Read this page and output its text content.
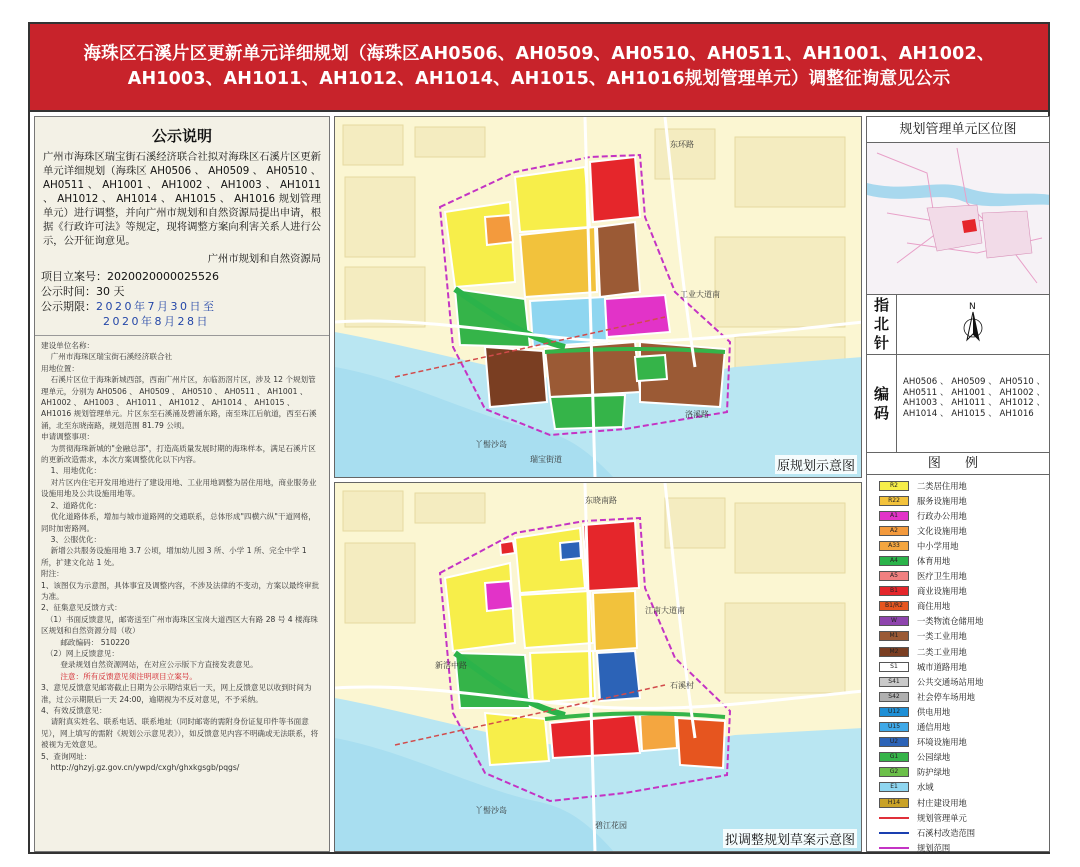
海珠区石溪片区更新单元详细规划（海珠区AH0506、AH0509、AH0510、AH0511、AH1001、AH1002、
AH1003、AH1011、AH1012、AH1014、AH1015、AH1016规划管理单元）调整征询意见公示
公示说明
广州市海珠区瑞宝街石溪经济联合社拟对海珠区石溪片区更新单元详细规划（海珠区 AH0506 、 AH0509 、 AH0510 、 AH0511 、 AH1001 、 AH1002 、 AH1003 、 AH1011 、 AH1012 、 AH1014 、 AH1015 、 AH1016 规划管理单元）进行调整，并向广州市规划和自然资源局提出申请，根据《行政许可法》等规定，现将调整方案向利害关系人进行公示，公开征询意见。
广州市规划和自然资源局
项目立案号： 2020020000025526
公示时间： 30 天
公示期限： 2020年7月30日至
2020年8月28日
建设单位名称：
广州市海珠区瑞宝街石溪经济联合社
用地位置：
石溪片区位于海珠新城西部，西南广州片区，东临沥滘片区，涉及 12 个规划管理单元，分别为 AH0506 、 AH0509 、 AH0510 、 AH0511 、 AH1001 、 AH1002 、 AH1003 、 AH1011 、 AH1012 、 AH1014 、 AH1015 、 AH1016 规划管理单元。片区东至石溪涌及碧涌东路，南至珠江后航道，西至石溪涌，北至东晓南路，规划范围 81.79 公顷。
申请调整事项：
为贯彻海珠新城的"金融总部"，打造高质量发展时期的海珠样本，满足石溪片区的更新改造需求，本次方案调整优化以下内容。
1、用地优化：
对片区内住宅开发用地进行了建设用地、工业用地调整为居住用地，商业服务业设施用地及公共设施用地等。
2、道路优化：
优化道路体系，增加与城市道路网的交通联系，总体形成"四横六纵"干道网格，同时加密路网。
3、公服优化：
新增公共服务设施用地 3.7 公顷，增加幼儿园 3 所、小学 1 所、完全中学 1 所，扩建文化站 1 处。
附注：
1、该图仅为示意图，具体事宜及调整内容，不涉及法律的不变动，方案以最终审批为准。
2、征集意见反馈方式：
（1）书面反馈意见，邮寄送至广州市海珠区宝岗大道西区大有路 28 号 4 楼海珠区规划和自然资源分局（收）
邮政编码： 510220
（2）网上反馈意见：
登录规划自然资源网站，在对应公示版下方直接发表意见。
注意：所有反馈意见须注明项目立案号。
3、意见反馈意见邮寄截止日期为公示期结束后一天，网上反馈意见以收到时间为准，过公示期限后一天 24:00，逾期视为不反对意见，不予采纳。
4、有效反馈意见：
请附真实姓名、联系电话、联系地址（同时邮寄的需附身份证复印件等书面意见），网上填写的需附《规划公示意见表》），如反馈意见内容不明确或无法联系，将被视为无效意见。
5、查询网址：
http://ghzyj.gz.gov.cn/ywpd/cxgh/ghxkgsgb/pqgs/
丫髻沙岛
瑞宝街道
东环路
工业大道南
洛溪路
原规划示意图
丫髻沙岛
碧江花园
江南大道南
石溪村
东晓南路
新滘中路
拟调整规划草案示意图
规划管理单元区位图
指
北
针
N
编
码
AH0506 、 AH0509 、 AH0510 、 AH0511 、 AH1001 、 AH1002 、 AH1003 、 AH1011 、 AH1012 、 AH1014 、 AH1015 、 AH1016
图 例
R2	二类居住用地
R22	服务设施用地
A1	行政办公用地
A2	文化设施用地
A33	中小学用地
A4	体育用地
A5	医疗卫生用地
B1	商业设施用地
B1/R2	商住用地
W	一类物流仓储用地
M1	一类工业用地
M2	二类工业用地
S1	城市道路用地
S41	公共交通场站用地
S42	社会停车场用地
U12	供电用地
U15	通信用地
U2	环境设施用地
G1	公园绿地
G2	防护绿地
E1	水域
H14	村庄建设用地
规划管理单元
石溪村改造范围
规划范围
